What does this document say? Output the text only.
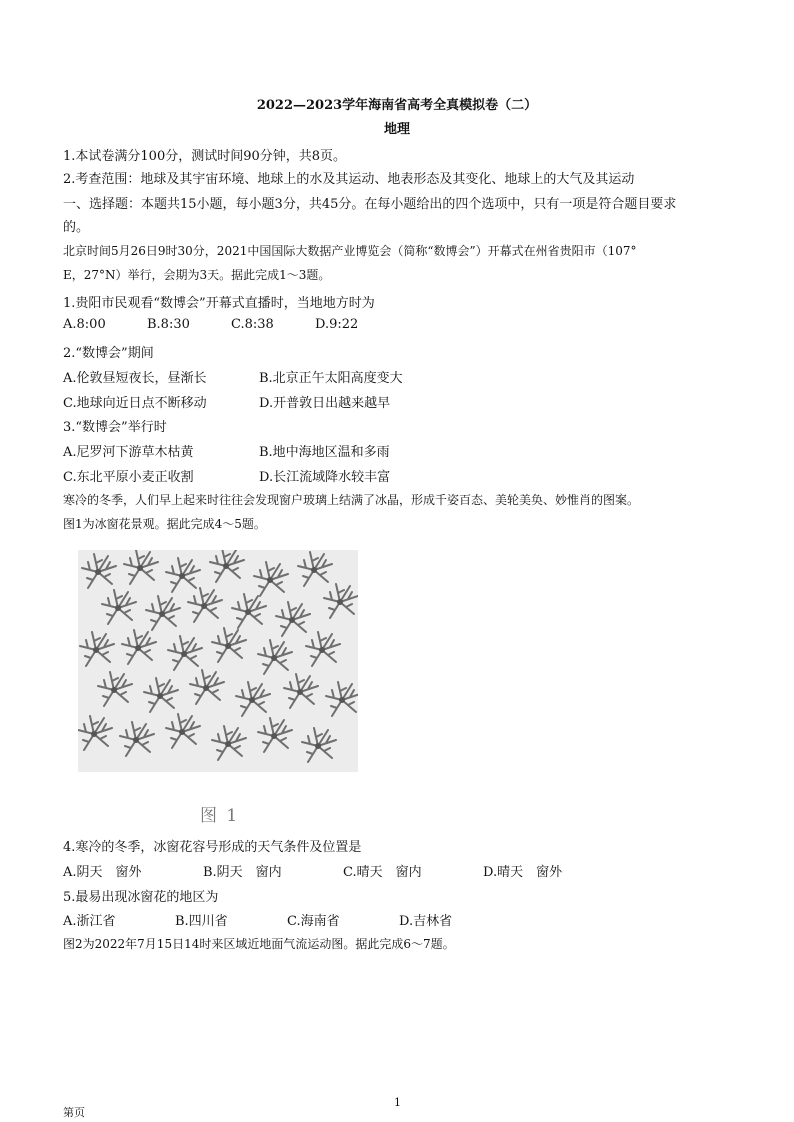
2022—2023学年海南省高考全真模拟卷（二）
地理
1.本试卷满分100分，测试时间90分钟，共8页。
2.考查范围：地球及其宇宙环境、地球上的水及其运动、地表形态及其变化、地球上的大气及其运动
一、选择题：本题共15小题，每小题3分，共45分。在每小题给出的四个选项中，只有一项是符合题目要求
的。
北京时间5月26日9时30分，2021中国国际大数据产业博览会（简称“数博会”）开幕式在州省贵阳市（107°
E，27°N）举行，会期为3天。据此完成1～3题。
1.贵阳市民观看“数博会”开幕式直播时，当地地方时为
A.8:00	B.8:30	C.8:38	D.9:22
2.“数博会”期间
A.伦敦昼短夜长，昼渐长	B.北京正午太阳高度变大
C.地球向近日点不断移动	D.开普敦日出越来越早
3.“数博会”举行时
A.尼罗河下游草木枯黄	B.地中海地区温和多雨
C.东北平原小麦正收割	D.长江流域降水较丰富
寒冷的冬季，人们早上起来时往往会发现窗户玻璃上结满了冰晶，形成千姿百态、美轮美奂、妙惟肖的图案。
图1为冰窗花景观。据此完成4～5题。
图 1
4.寒冷的冬季，冰窗花容号形成的天气条件及位置是
A.阴天　窗外	B.阴天　窗内	C.晴天　窗内	D.晴天　窗外
5.最易出现冰窗花的地区为
A.浙江省	B.四川省	C.海南省	D.吉林省
图2为2022年7月15日14时来区域近地面气流运动图。据此完成6～7题。
1
第页
